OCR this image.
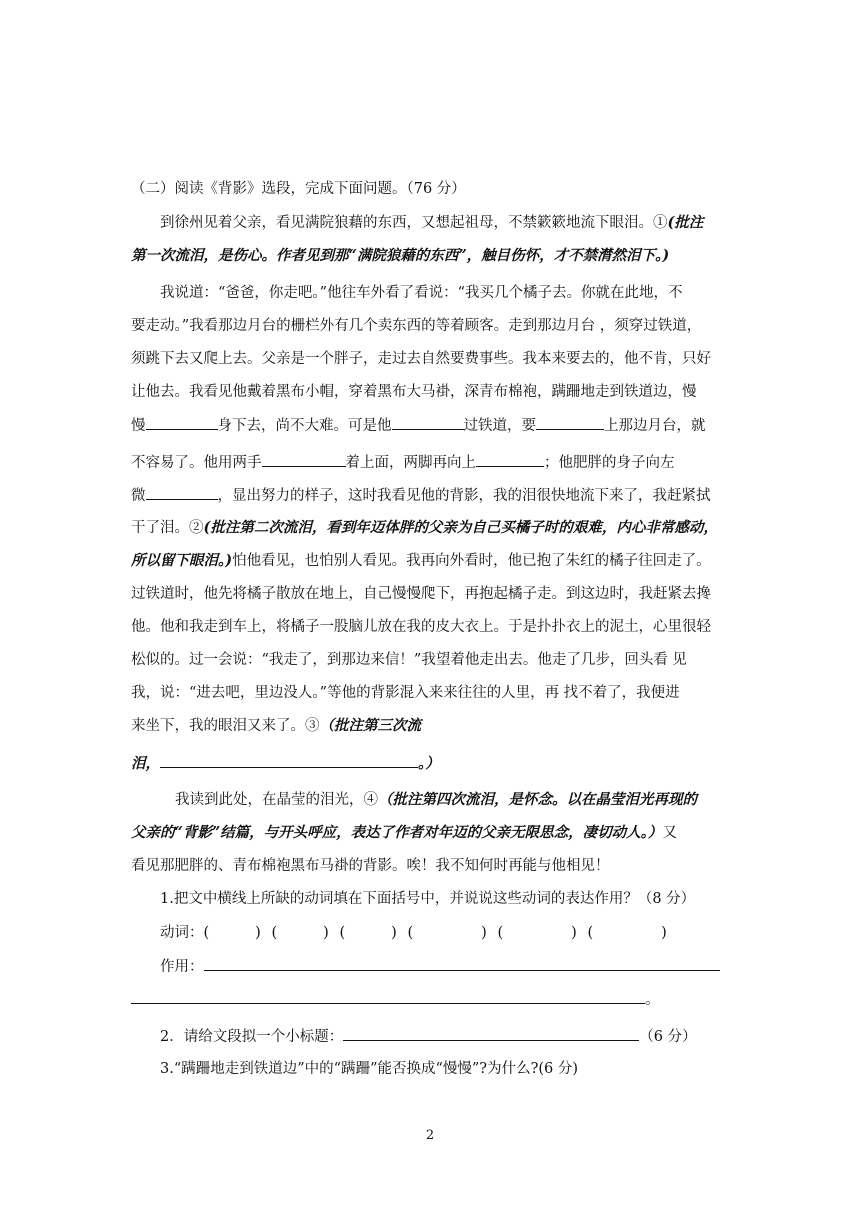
（二）阅读《背影》选段，完成下面问题。（76 分）
到徐州见着父亲，看见满院狼藉的东西，又想起祖母，不禁簌簌地流下眼泪。①(批注
第一次流泪，是伤心。作者见到那“满院狼藉的东西”，触目伤怀，才不禁潸然泪下。)
我说道：“爸爸，你走吧。”他往车外看了看说：“我买几个橘子去。你就在此地，不
要走动。”我看那边月台的栅栏外有几个卖东西的等着顾客。走到那边月台 ，须穿过铁道，
须跳下去又爬上去。父亲是一个胖子，走过去自然要费事些。我本来要去的，他不肯，只好
让他去。我看见他戴着黑布小帽，穿着黑布大马褂，深青布棉袍，蹒跚地走到铁道边，慢
慢	身下去，尚不大难。可是他	过铁道，要	上那边月台，就
不容易了。他用两手	着上面，两脚再向上	；他肥胖的身子向左
微	，显出努力的样子，这时我看见他的背影，我的泪很快地流下来了，我赶紧拭
干了泪。②(批注第二次流泪，看到年迈体胖的父亲为自己买橘子时的艰难，内心非常感动，
所以留下眼泪。)怕他看见，也怕别人看见。我再向外看时，他已抱了朱红的橘子往回走了。
过铁道时，他先将橘子散放在地上，自己慢慢爬下，再抱起橘子走。到这边时，我赶紧去搀
他。他和我走到车上，将橘子一股脑儿放在我的皮大衣上。于是扑扑衣上的泥土，心里很轻
松似的。过一会说：“我走了，到那边来信！”我望着他走出去。他走了几步，回头看 见
我，说：“进去吧，里边没人。”等他的背影混入来来往往的人里，再 找不着了，我便进
来坐下，我的眼泪又来了。③（批注第三次流
泪，	。）
我读到此处，在晶莹的泪光，④（批注第四次流泪，是怀念。以在晶莹泪光再现的
父亲的“背影”结篇，与开头呼应，表达了作者对年迈的父亲无限思念，凄切动人。）又
看见那肥胖的、青布棉袍黑布马褂的背影。唉！我不知何时再能与他相见！
1.把文中横线上所缺的动词填在下面括号中，并说说这些动词的表达作用？（8 分）
动词：(	) (	) (	) (	) (	) (	)
作用：
。
2．请给文段拟一个小标题：	（6 分）
3.“蹒跚地走到铁道边”中的“蹒跚”能否换成“慢慢”?为什么?(6 分)
2
